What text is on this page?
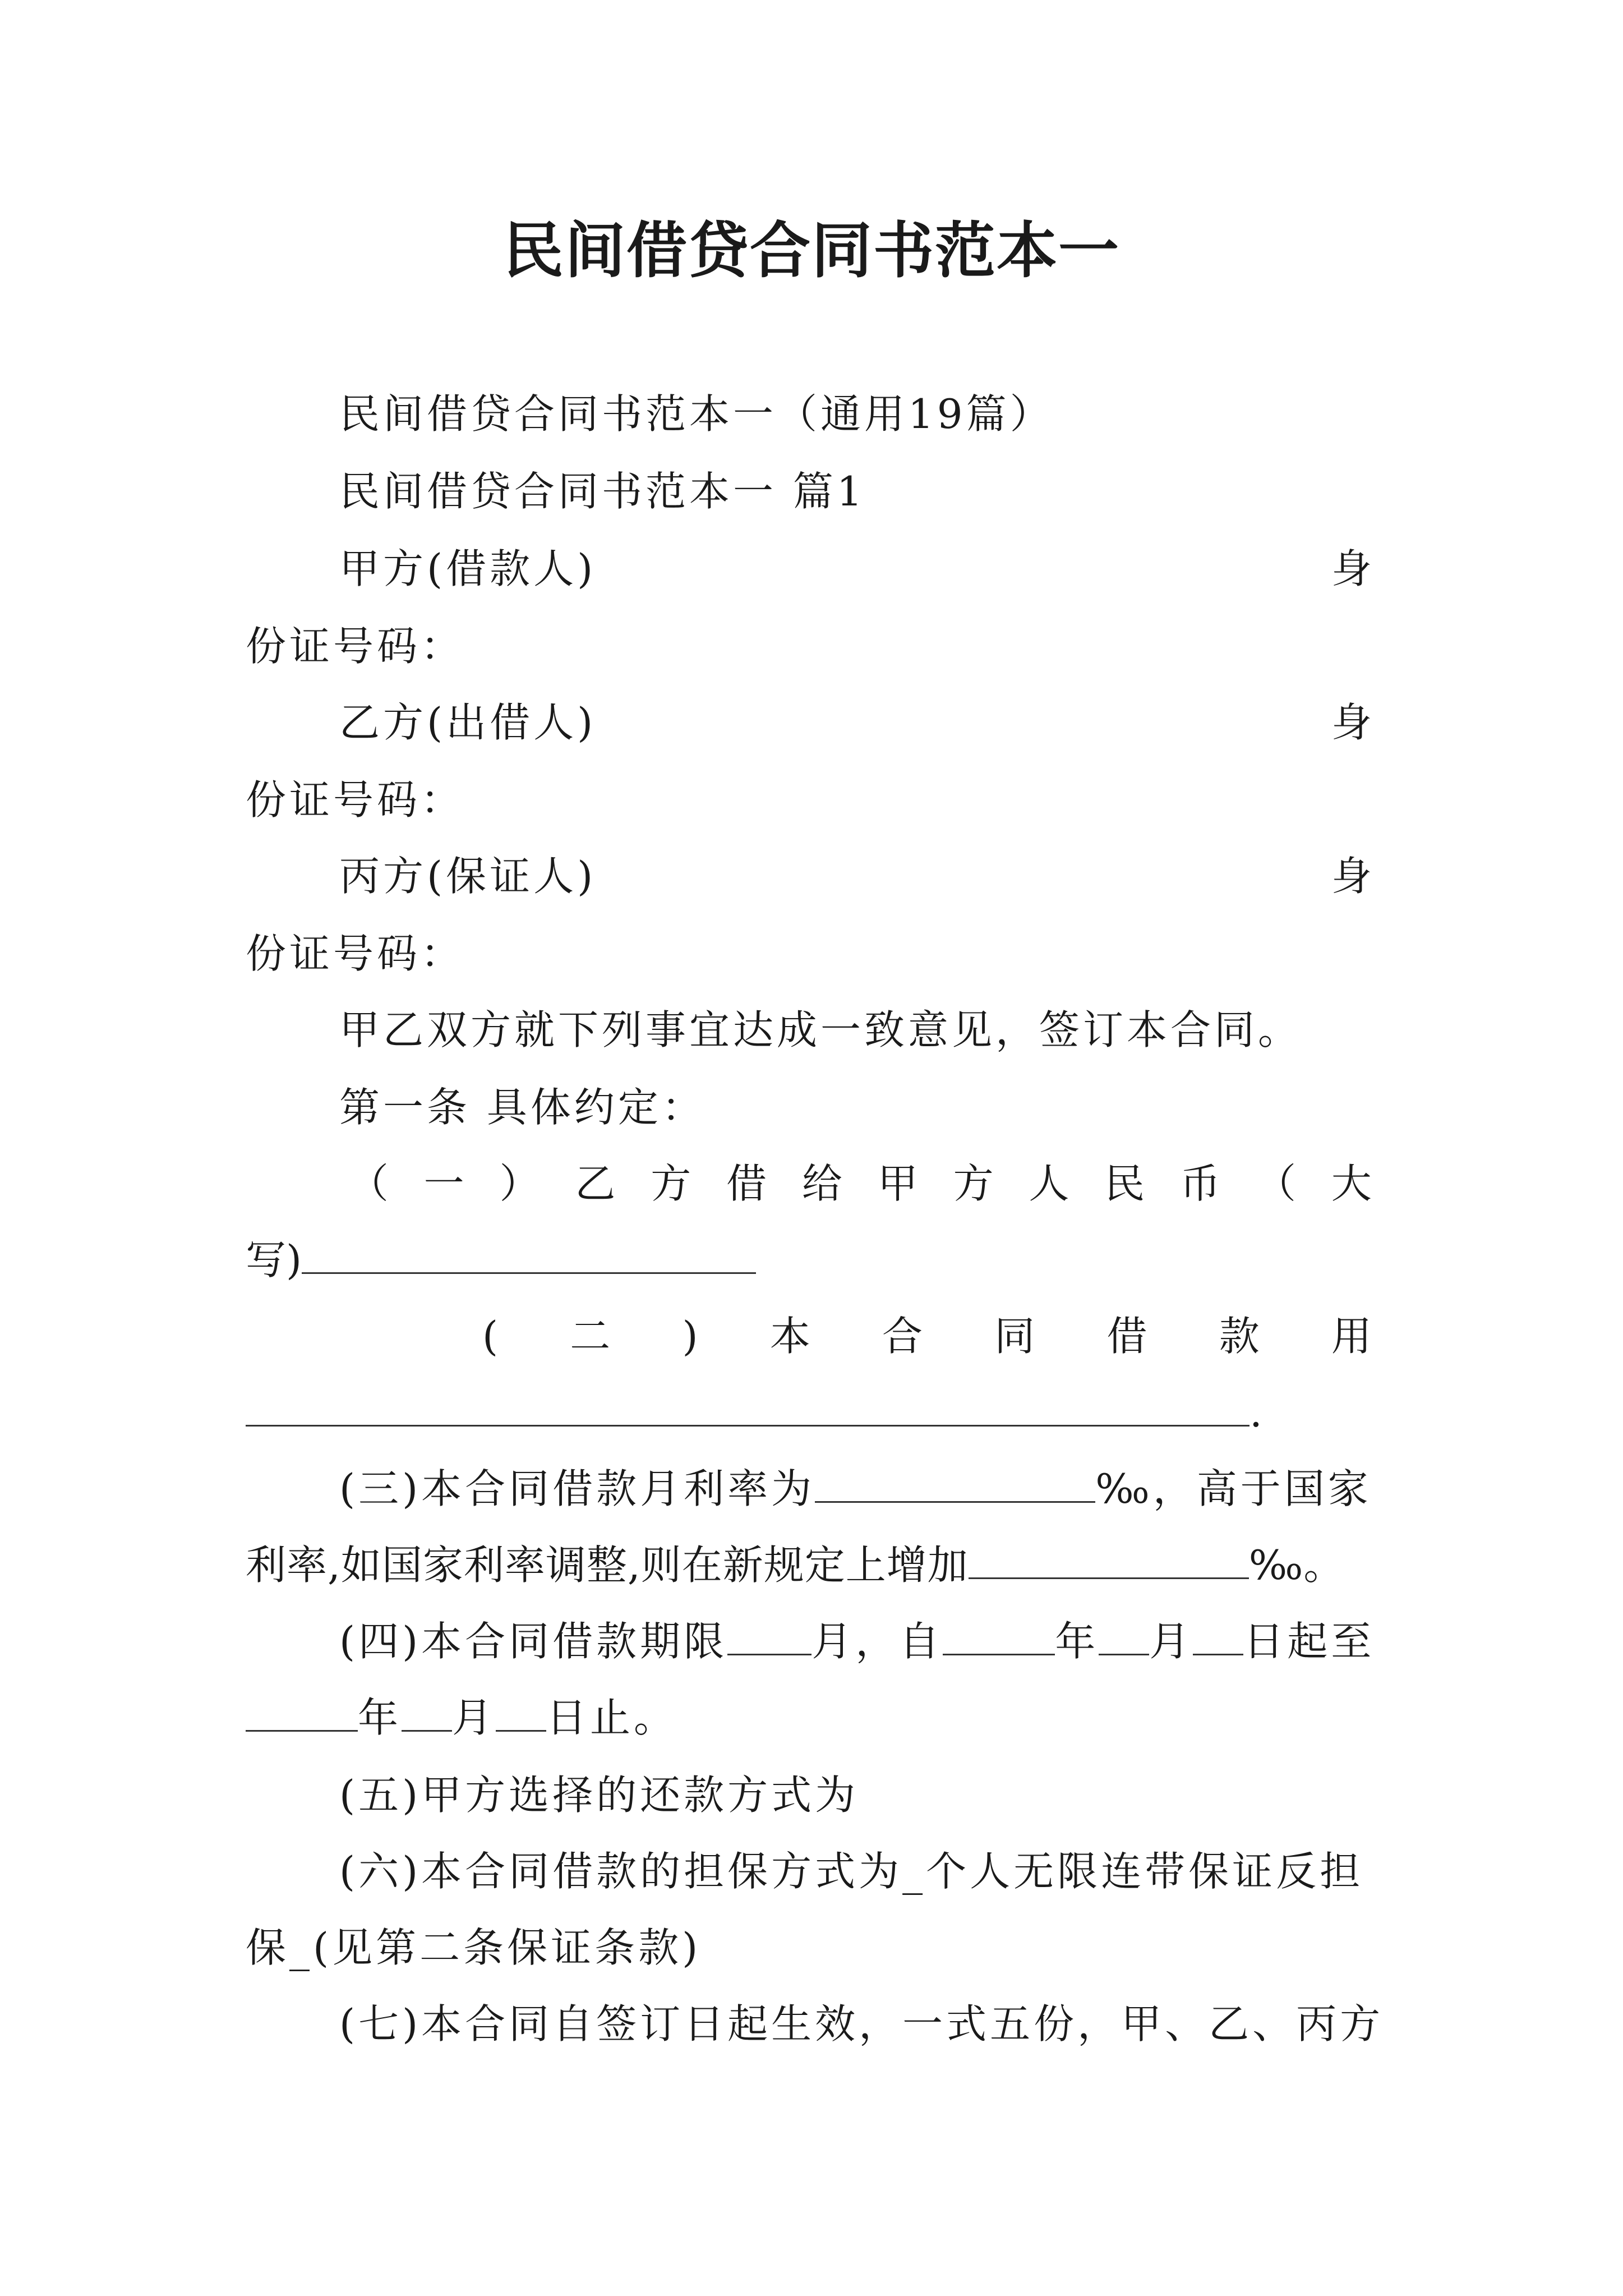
民间借贷合同书范本一
民间借贷合同书范本一（通用19篇）
民间借贷合同书范本一 篇1
甲方(借款人)	身
份证号码：
乙方(出借人)	身
份证号码：
丙方(保证人)	身
份证号码：
甲乙双方就下列事宜达成一致意见，签订本合同。
第一条 具体约定：
（ 一 ） 乙 方 借 给 甲 方 人 民 币 （ 大
写)
( 二 ) 本 合 同 借 款 用
.
(三)本合同借款月利率为	‰，高于国家
利率,如国家利率调整,则在新规定上增加	‰。
(四)本合同借款期限 月，自	年 月 日起至
年 月 日止。
(五)甲方选择的还款方式为
(六)本合同借款的担保方式为_个人无限连带保证反担
保_(见第二条保证条款)
(七)本合同自签订日起生效，一式五份，甲、乙、丙方
